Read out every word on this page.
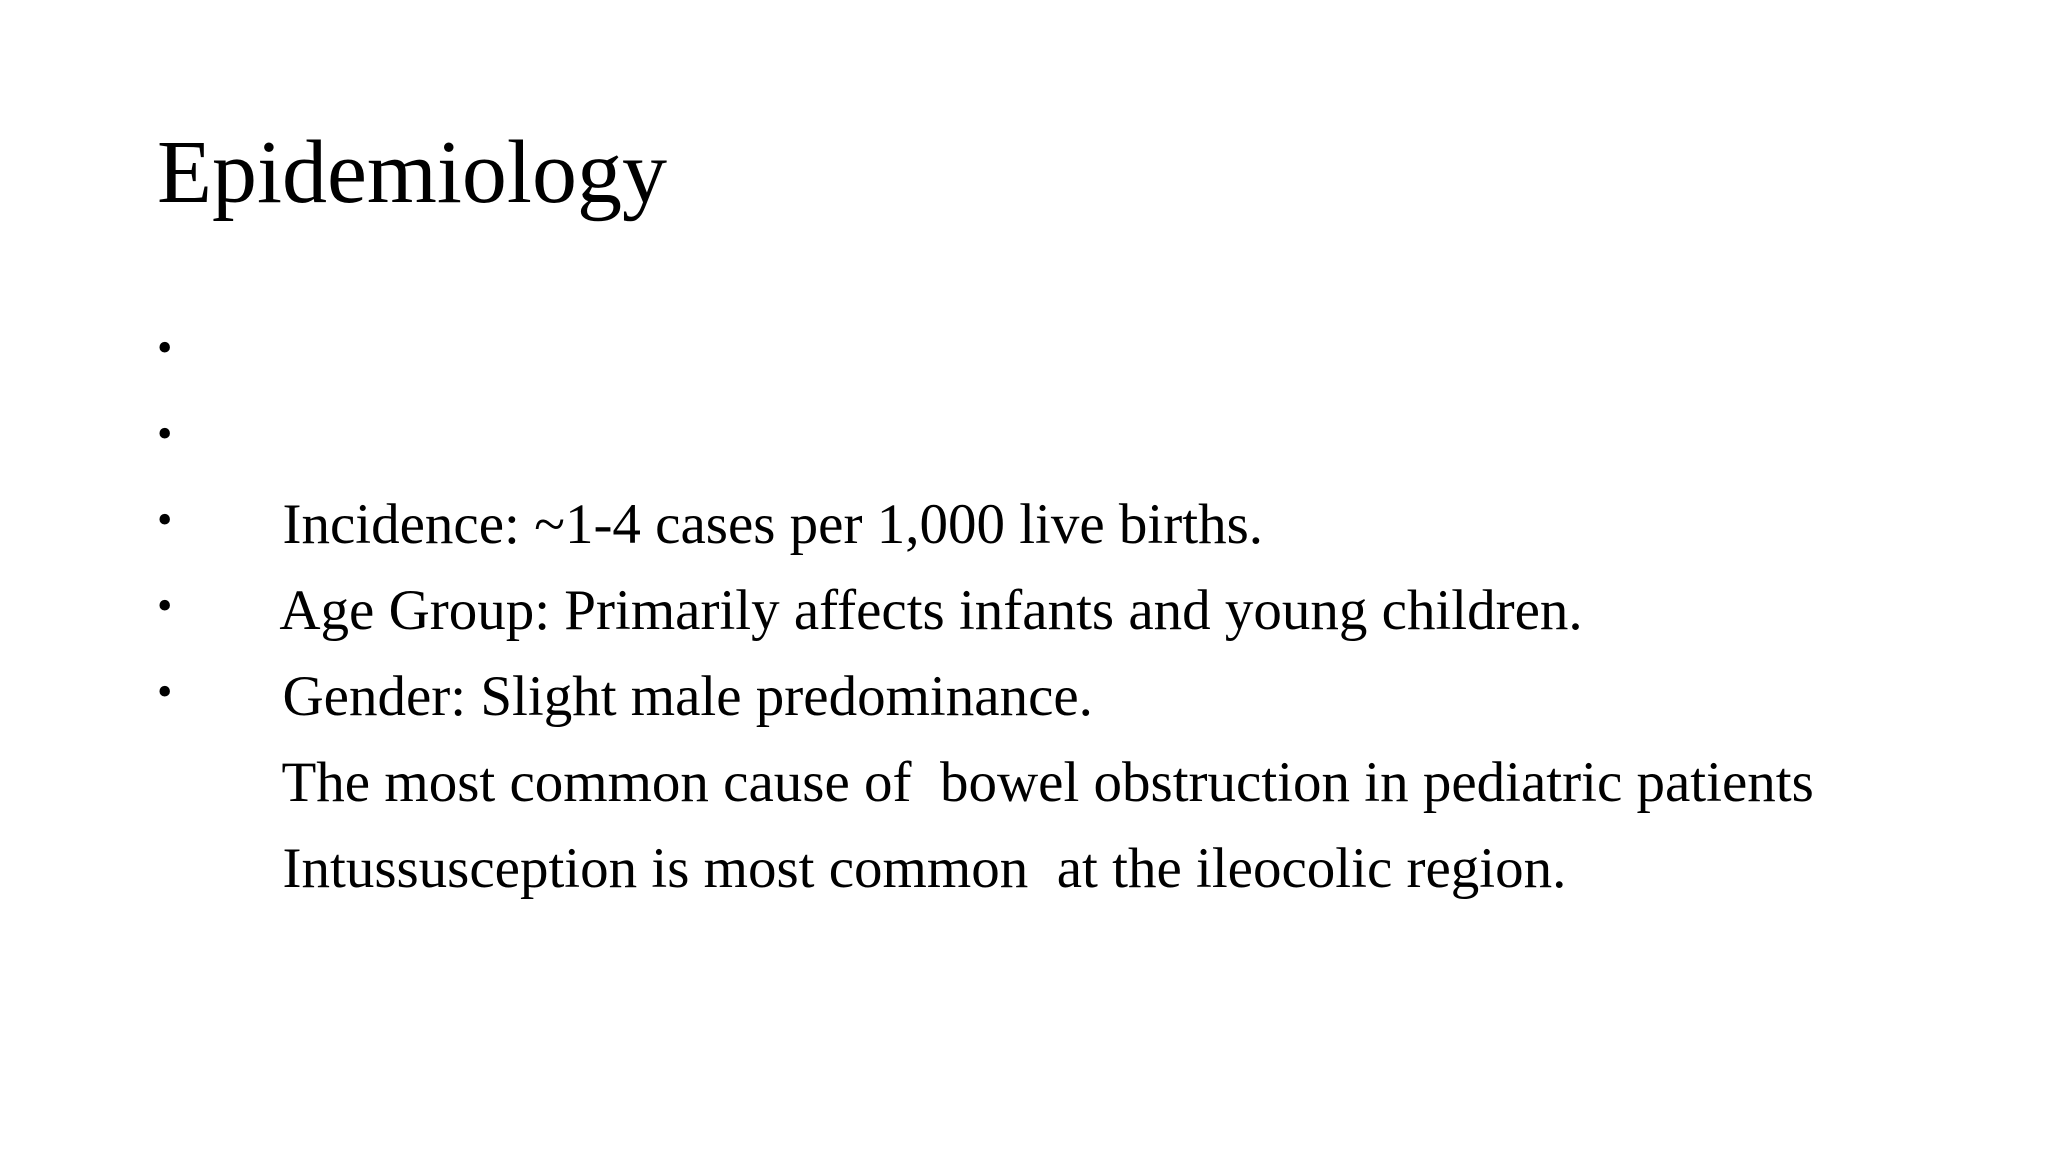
Epidemiology

•

Incidence: ~1-4 cases per 1,000 live births.

•

Age Group: Primarily affects infants and young children.

•

Gender: Slight male predominance.

•

The most common cause of  bowel obstruction in pediatric patients

•

Intussusception is most common  at the ileocolic region.
